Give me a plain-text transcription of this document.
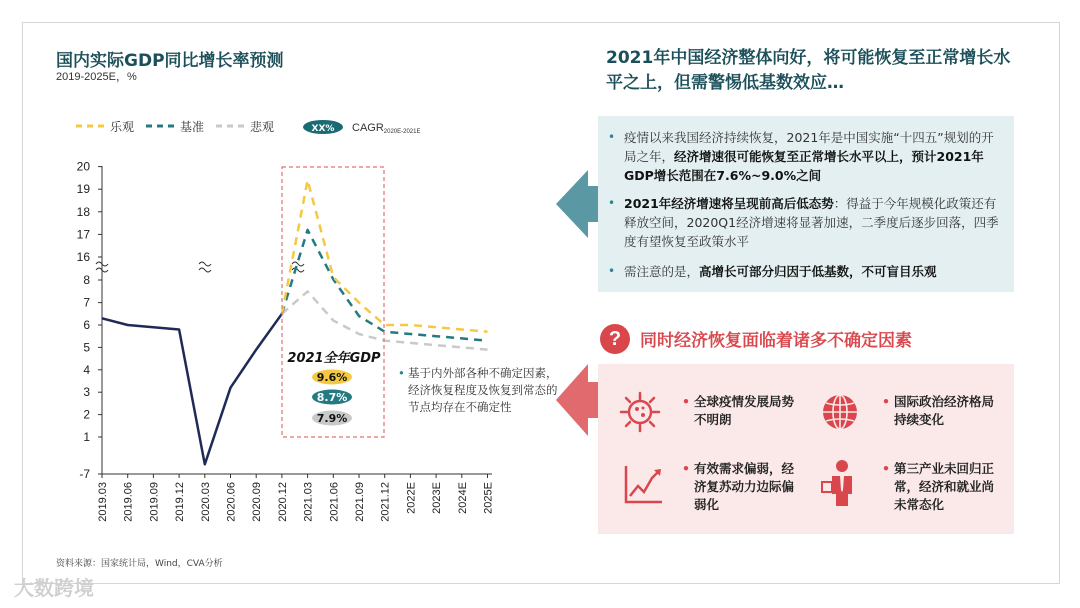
国内实际GDP同比增长率预测
2019-2025E，%
乐观	基准	悲观	XX% CAGR2020E-2021E
1
2
3
4
5
6
7
8
16
17
18
19
20
-7
2019.03 2019.06 2019.09 2019.12 2020.03 2020.06 2020.09 2020.12 2021.03 2021.06 2021.09 2021.12 2022E 2023E 2024E 2025E
2021全年GDP
9.6%
8.7%
7.9%
• 基于内外部各种不确定因素，经济恢复程度及恢复到常态的节点均存在不确定性
2021年中国经济整体向好，将可能恢复至正常增长水平之上，但需警惕低基数效应…
• 疫情以来我国经济持续恢复，2021年是中国实施“十四五”规划的开局之年，经济增速很可能恢复至正常增长水平以上，预计2021年GDP增长范围在7.6%~9.0%之间
• 2021年经济增速将呈现前高后低态势：得益于今年规模化政策还有释放空间，2020Q1经济增速将显著加速，二季度后逐步回落，四季度有望恢复至政策水平
• 需注意的是，高增长可部分归因于低基数，不可盲目乐观
?	同时经济恢复面临着诸多不确定因素
• 全球疫情发展局势不明朗
• 国际政治经济格局持续变化
• 有效需求偏弱，经济复苏动力边际偏弱化
• 第三产业未回归正常，经济和就业尚未常态化
资料来源：国家统计局，Wind，CVA分析
大数跨境
